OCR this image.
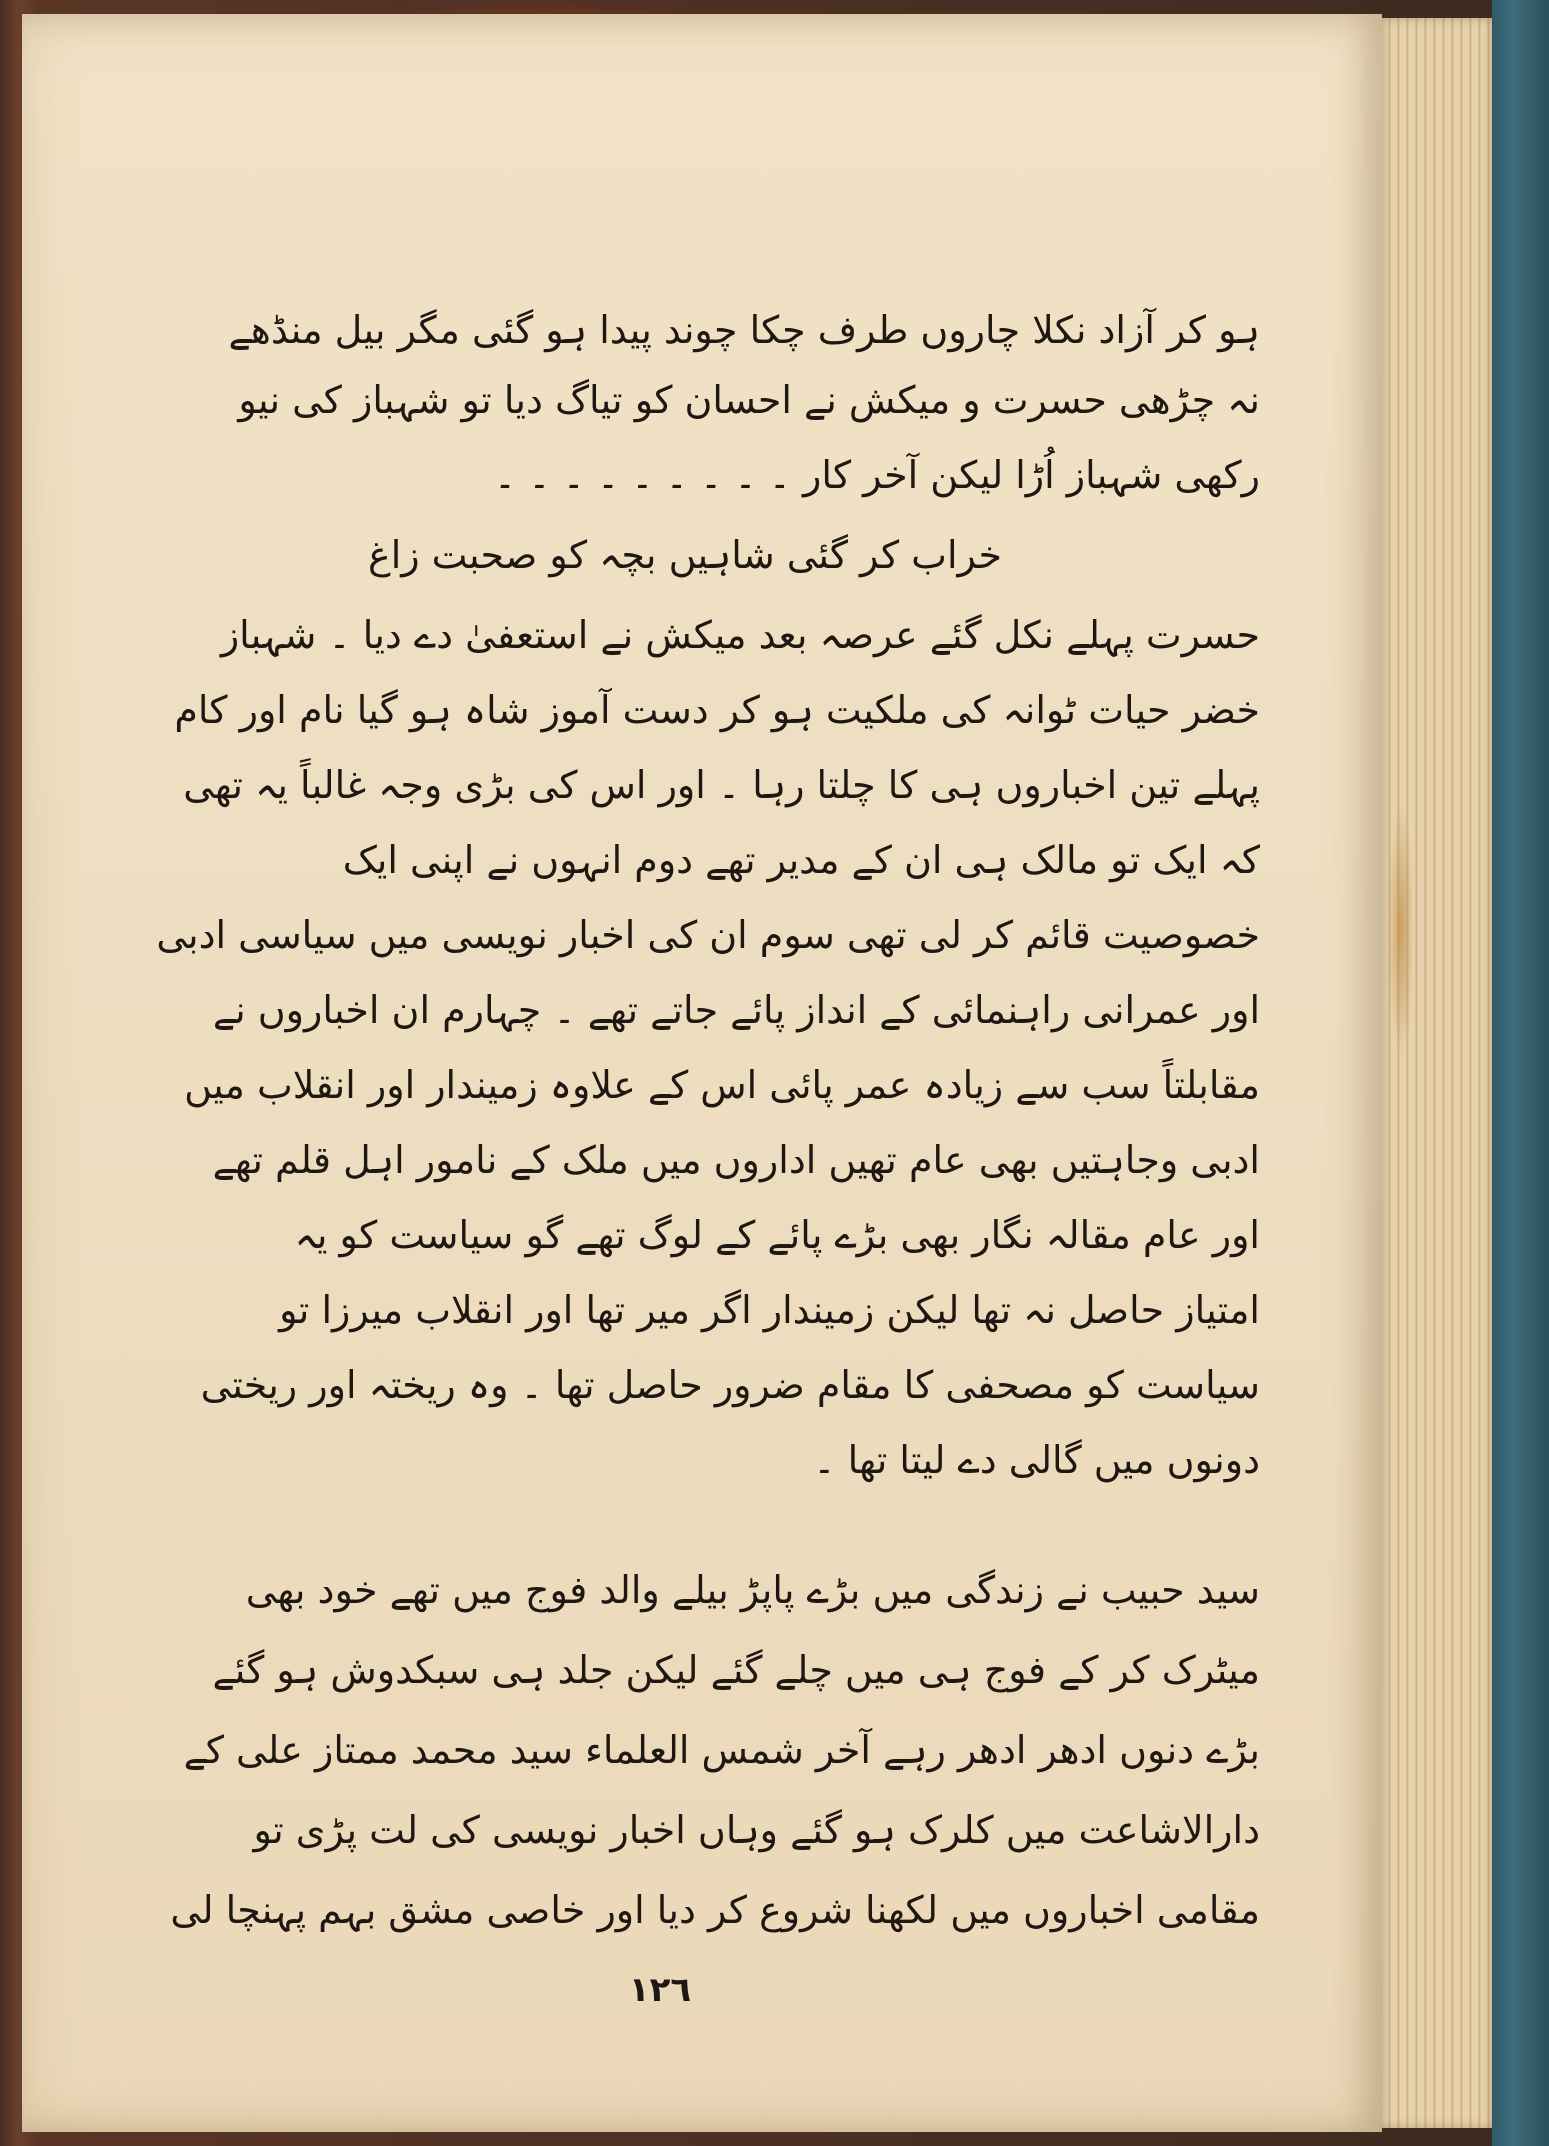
ہو کر آزاد نکلا چاروں طرف چکا چوند پیدا ہو گئی مگر بیل منڈھے
نہ چڑھی حسرت و میکش نے احسان کو تیاگ دیا تو شہباز کی نیو
رکھی شہباز اُڑا لیکن آخر کار ۔ ۔ ۔ ۔ ۔ ۔ ۔ ۔ ۔
خراب کر گئی شاہیں بچہ کو صحبت زاغ
حسرت پہلے نکل گئے عرصہ بعد میکش نے استعفیٰ دے دیا ۔ شہباز
خضر حیات ٹوانہ کی ملکیت ہو کر دست آموز شاہ ہو گیا نام اور کام
پہلے تین اخباروں ہی کا چلتا رہا ۔ اور اس کی بڑی وجہ غالباً یہ تھی
کہ ایک تو مالک ہی ان کے مدیر تھے دوم انہوں نے اپنی ایک
خصوصیت قائم کر لی تھی سوم ان کی اخبار نویسی میں سیاسی ادبی
اور عمرانی راہنمائی کے انداز پائے جاتے تھے ۔ چہارم ان اخباروں نے
مقابلتاً سب سے زیادہ عمر پائی اس کے علاوہ زمیندار اور انقلاب میں
ادبی وجاہتیں بھی عام تھیں اداروں میں ملک کے نامور اہل قلم تھے
اور عام مقالہ نگار بھی بڑے پائے کے لوگ تھے گو سیاست کو یہ
امتیاز حاصل نہ تھا لیکن زمیندار اگر میر تھا اور انقلاب میرزا تو
سیاست کو مصحفی کا مقام ضرور حاصل تھا ۔ وہ ریختہ اور ریختی
دونوں میں گالی دے لیتا تھا ۔
سید حبیب نے زندگی میں بڑے پاپڑ بیلے والد فوج میں تھے خود بھی
میٹرک کر کے فوج ہی میں چلے گئے لیکن جلد ہی سبکدوش ہو گئے
بڑے دنوں ادھر ادھر رہے آخر شمس العلماء سید محمد ممتاز علی کے
دارالاشاعت میں کلرک ہو گئے وہاں اخبار نویسی کی لت پڑی تو
مقامی اخباروں میں لکھنا شروع کر دیا اور خاصی مشق بہم پہنچا لی
١٢٦
